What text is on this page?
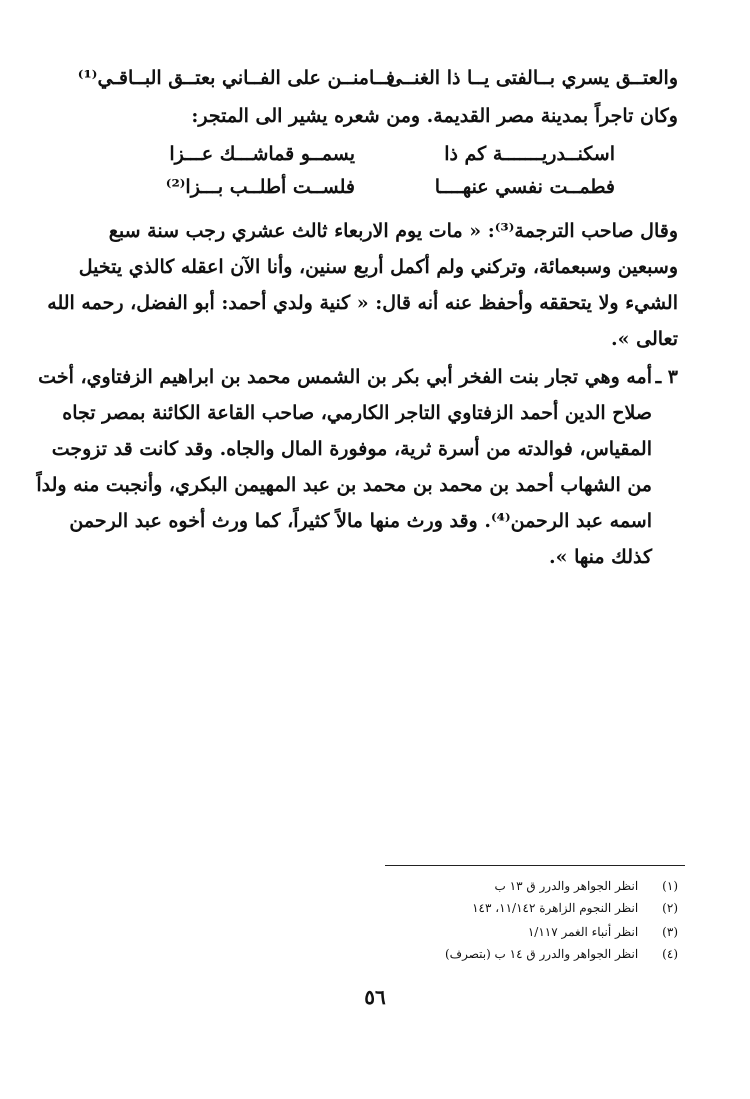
والعتــق يسري بــالفتى يــا ذا الغنــى
فــامنــن على الفــاني بعتــق البــاقـي⁽¹⁾
وكان تاجراً بمدينة مصر القديمة. ومن شعره يشير الى المتجر:
اسكنــدريـــــــة كم ذا
يسمــو قماشـــك عـــزا
فطمــت نفسي عنهــــا
فلســت أطلــب بـــزا⁽²⁾
وقال صاحب الترجمة⁽³⁾: « مات يوم الاربعاء ثالث عشري رجب سنة سبع
وسبعين وسبعمائة، وتركني ولم أكمل أربع سنين، وأنا الآن اعقله كالذي يتخيل
الشيء ولا يتحققه وأحفظ عنه أنه قال: « كنية ولدي أحمد: أبو الفضل، رحمه الله
تعالى ».
٣ ـ
أمه وهي تجار بنت الفخر أبي بكر بن الشمس محمد بن ابراهيم الزفتاوي، أخت
صلاح الدين أحمد الزفتاوي التاجر الكارمي، صاحب القاعة الكائنة بمصر تجاه
المقياس، فوالدته من أسرة ثرية، موفورة المال والجاه. وقد كانت قد تزوجت
من الشهاب أحمد بن محمد بن محمد بن عبد المهيمن البكري، وأنجبت منه ولداً
اسمه عبد الرحمن⁽⁴⁾. وقد ورث منها مالاً كثيراً، كما ورث أخوه عبد الرحمن
كذلك منها ».
(١) انظر الجواهر والدرر ق ١٣ ب
(٢) انظر النجوم الزاهرة ١١/١٤٢، ١٤٣
(٣) انظر أنباء الغمر ١/١١٧
(٤) انظر الجواهر والدرر ق ١٤ ب (بتصرف)
٥٦
